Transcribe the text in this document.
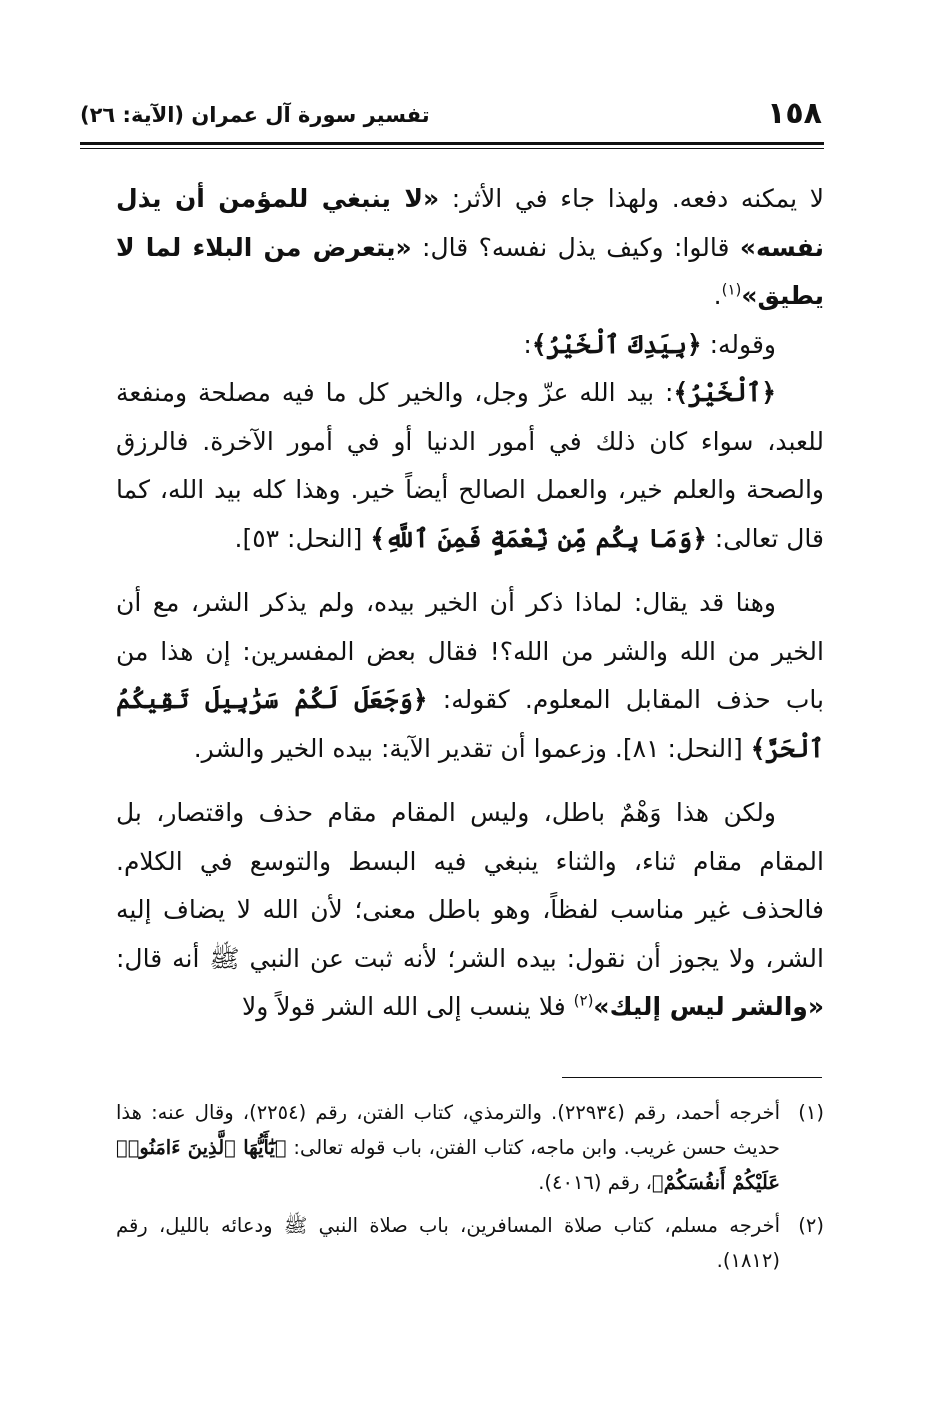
١٥٨
تفسير سورة آل عمران (الآية: ٢٦)

لا يمكنه دفعه. ولهذا جاء في الأثر: «لا ينبغي للمؤمن أن يذل نفسه» قالوا: وكيف يذل نفسه؟ قال: «يتعرض من البلاء لما لا يطيق»$^{(١)}$.

وقوله: ﴿بِيَدِكَ ٱلْخَيْرُ﴾:

﴿ٱلْخَيْرُ﴾: بيد الله عزّ وجل، والخير كل ما فيه مصلحة ومنفعة للعبد، سواء كان ذلك في أمور الدنيا أو في أمور الآخرة. فالرزق والصحة والعلم خير، والعمل الصالح أيضاً خير. وهذا كله بيد الله، كما قال تعالى: ﴿وَمَا بِكُم مِّن نِّعْمَةٍ فَمِنَ ٱللَّهِ﴾ [النحل: ٥٣].

وهنا قد يقال: لماذا ذكر أن الخير بيده، ولم يذكر الشر، مع أن الخير من الله والشر من الله؟! فقال بعض المفسرين: إن هذا من باب حذف المقابل المعلوم. كقوله: ﴿وَجَعَلَ لَكُمْ سَرَٰبِيلَ تَقِيكُمُ ٱلْحَرَّ﴾ [النحل: ٨١]. وزعموا أن تقدير الآية: بيده الخير والشر.

ولكن هذا وَهْمٌ باطل، وليس المقام مقام حذف واقتصار، بل المقام مقام ثناء، والثناء ينبغي فيه البسط والتوسع في الكلام. فالحذف غير مناسب لفظاً، وهو باطل معنى؛ لأن الله لا يضاف إليه الشر، ولا يجوز أن نقول: بيده الشر؛ لأنه ثبت عن النبي ﷺ أنه قال: «والشر ليس إليك»$^{(٢)}$ فلا ينسب إلى الله الشر قولاً ولا

(١)
أخرجه أحمد، رقم (٢٢٩٣٤). والترمذي، كتاب الفتن، رقم (٢٢٥٤)، وقال عنه: هذا حديث حسن غريب. وابن ماجه، كتاب الفتن، باب قوله تعالى: ﴿يَٰٓأَيُّهَا ٱلَّذِينَ ءَامَنُوا۟ عَلَيْكُمْ أَنفُسَكُمْ﴾، رقم (٤٠١٦).

(٢)
أخرجه مسلم، كتاب صلاة المسافرين، باب صلاة النبي ﷺ ودعائه بالليل، رقم (١٨١٢).
